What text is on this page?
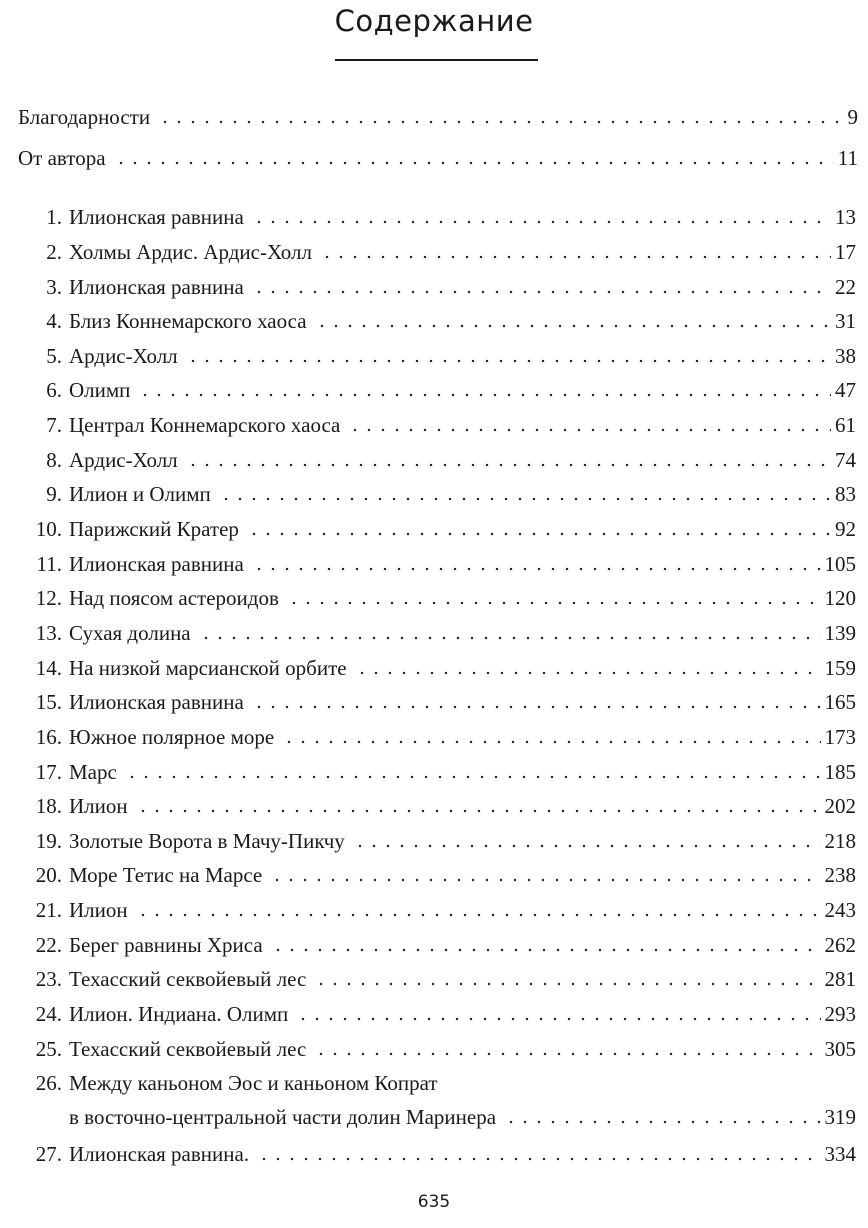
Содержание
Благодарности	9
От автора	11
1. Илионская равнина	13
2. Холмы Ардис. Ардис-Холл	17
3. Илионская равнина	22
4. Близ Коннемарского хаоса	31
5. Ардис-Холл	38
6. Олимп	47
7. Централ Коннемарского хаоса	61
8. Ардис-Холл	74
9. Илион и Олимп	83
10. Парижский Кратер	92
11. Илионская равнина	105
12. Над поясом астероидов	120
13. Сухая долина	139
14. На низкой марсианской орбите	159
15. Илионская равнина	165
16. Южное полярное море	173
17. Марс	185
18. Илион	202
19. Золотые Ворота в Мачу-Пикчу	218
20. Море Тетис на Марсе	238
21. Илион	243
22. Берег равнины Хриса	262
23. Техасский секвойевый лес	281
24. Илион. Индиана. Олимп	293
25. Техасский секвойевый лес	305
26. Между каньоном Эос и каньоном Копрат
в восточно-центральной части долин Маринера	319
27. Илионская равнина.	334
635
